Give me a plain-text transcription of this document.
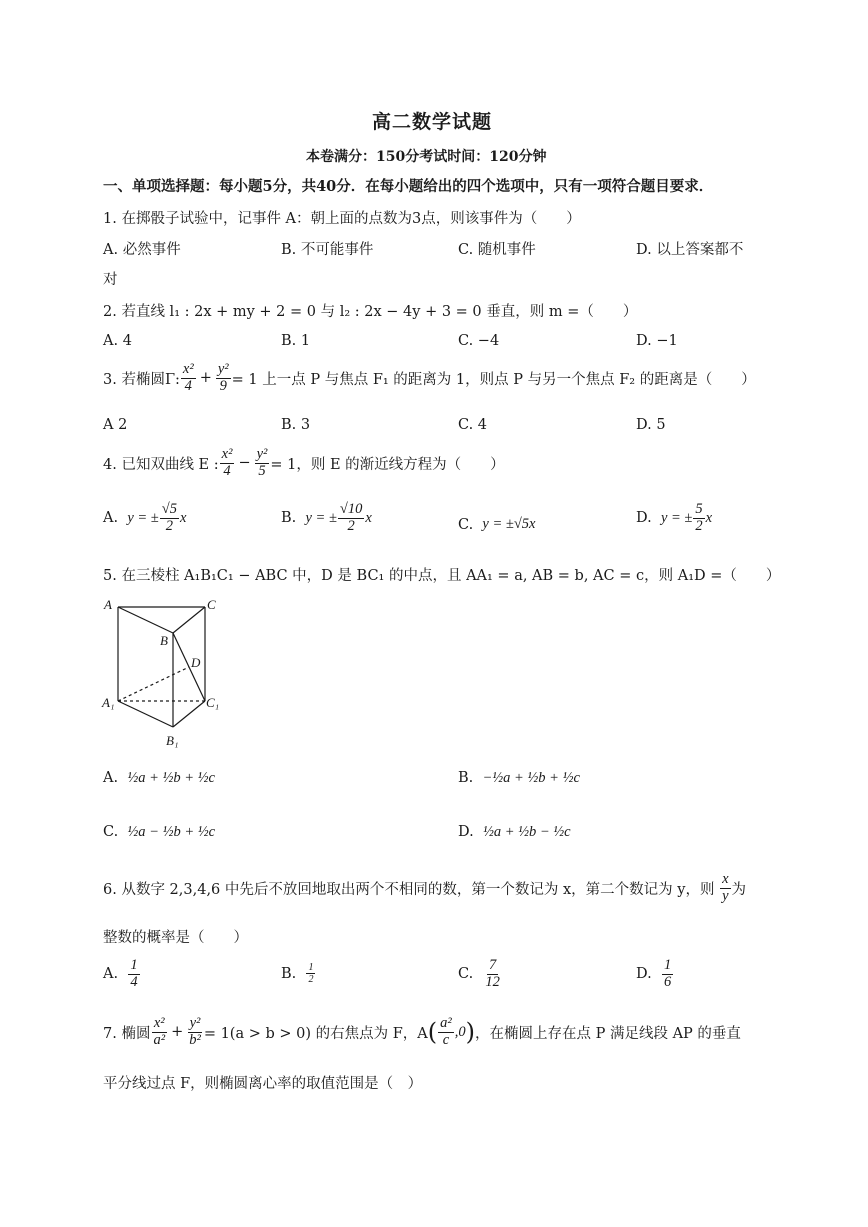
高二数学试题
本卷满分：150分考试时间：120分钟
一、单项选择题：每小题5分，共40分．在每小题给出的四个选项中，只有一项符合题目要求．
1. 在掷骰子试验中，记事件 A：朝上面的点数为3点，则该事件为（　　）
A. 必然事件	B. 不可能事件	C. 随机事件	D. 以上答案都不
对
2. 若直线 l₁ : 2x + my + 2 = 0 与 l₂ : 2x − 4y + 3 = 0 垂直，则 m =（　　）
A. 4	B. 1	C. −4	D. −1
3. 若椭圆Γ: $\frac{\text{x²}}{4} + \frac{\text{y²}}{9} = 1$ 上一点 P 与焦点 F₁ 的距离为 1，则点 P 与另一个焦点 F₂ 的距离是（　　）
A 2	B. 3	C. 4	D. 5
4. 已知双曲线 E : $\frac{\text{x²}}{4} - \frac{\text{y²}}{5} = 1$，则 E 的渐近线方程为（　　）
A.
y = ± $\frac{√5}{2}$ x	B.
y = ± $\frac{√10}{2}$ x	C.
y = ±√5x	D.
y = ± $\frac{5}{2}$ x
5. 在三棱柱 A₁B₁C₁ − ABC 中，D 是 BC₁ 的中点，且 AA₁ = a, AB = b, AC = c，则 A₁D =（　　）
A	C
B
D
A₁	C₁
B₁
A. ½a + ½b + ½c	B. −½a + ½b + ½c
C. ½a − ½b + ½c	D. ½a + ½b − ½c
6. 从数字 2,3,4,6 中先后不放回地取出两个不相同的数，第一个数记为 x，第二个数记为 y，则
$\frac{x}{y}$ 为
整数的概率是（　　）
A.
$\frac{1}{4}$	B.
$\frac{1}{2}$	C.
$\frac{7}{12}$	D.
$\frac{1}{6}$
7. 椭圆 $\frac{\text{x²}}{\text{a²}} + \frac{\text{y²}}{\text{b²}} = 1(a > b > 0)$ 的右焦点为 F，A ( $\frac{\text{a²}}{c} ,0$ ) ，在椭圆上存在点 P 满足线段 AP 的垂直
平分线过点 F，则椭圆离心率的取值范围是（　）
